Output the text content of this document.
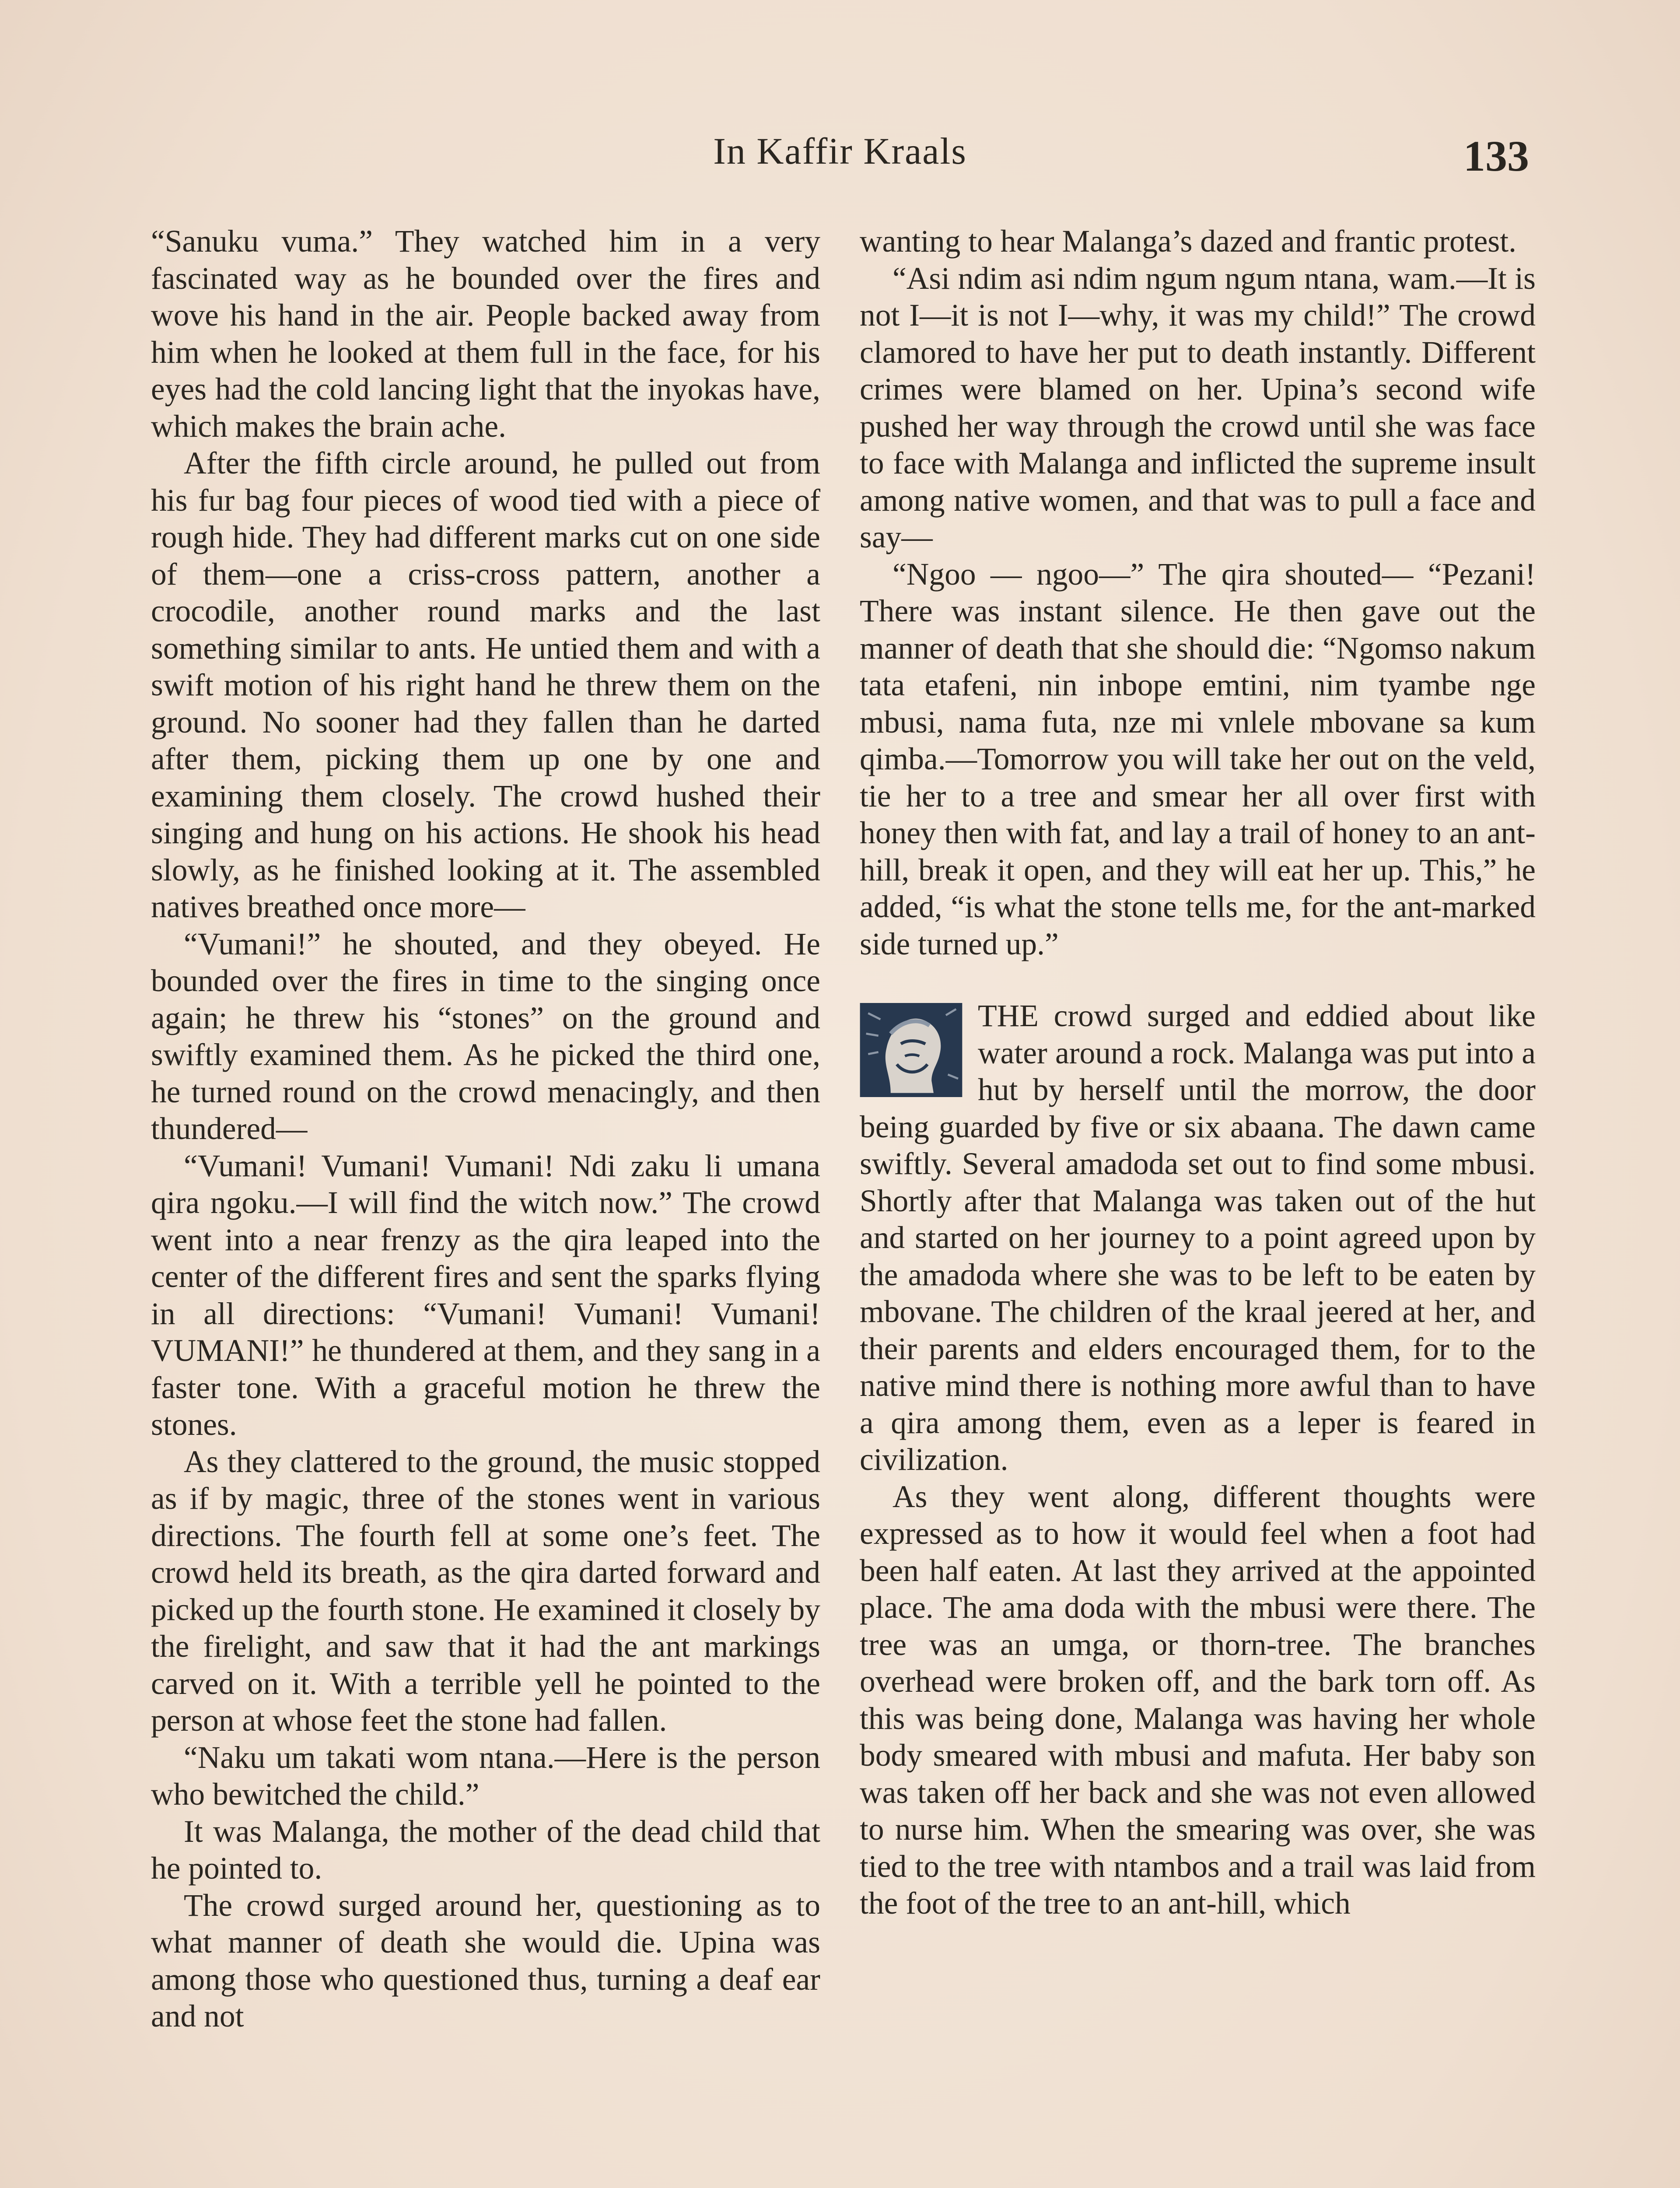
In Kaffir Kraals	133

“Sanuku vuma.” They watched him in a very fascinated way as he bounded over the fires and wove his hand in the air. People backed away from him when he looked at them full in the face, for his eyes had the cold lancing light that the inyokas have, which makes the brain ache.

After the fifth circle around, he pulled out from his fur bag four pieces of wood tied with a piece of rough hide. They had different marks cut on one side of them—one a criss-cross pattern, another a crocodile, another round marks and the last something similar to ants. He untied them and with a swift motion of his right hand he threw them on the ground. No sooner had they fallen than he darted after them, picking them up one by one and examining them closely. The crowd hushed their singing and hung on his actions. He shook his head slowly, as he finished looking at it. The assembled natives breathed once more—

“Vumani!” he shouted, and they obeyed. He bounded over the fires in time to the singing once again; he threw his “stones” on the ground and swiftly examined them. As he picked the third one, he turned round on the crowd menacingly, and then thundered—

“Vumani! Vumani! Vumani! Ndi zaku li umana qira ngoku.—I will find the witch now.” The crowd went into a near frenzy as the qira leaped into the center of the different fires and sent the sparks flying in all directions: “Vumani! Vumani! Vumani! VUMANI!” he thundered at them, and they sang in a faster tone. With a graceful motion he threw the stones.

As they clattered to the ground, the music stopped as if by magic, three of the stones went in various directions. The fourth fell at some one’s feet. The crowd held its breath, as the qira darted forward and picked up the fourth stone. He examined it closely by the firelight, and saw that it had the ant markings carved on it. With a terrible yell he pointed to the person at whose feet the stone had fallen.

“Naku um takati wom ntana.—Here is the person who bewitched the child.”

It was Malanga, the mother of the dead child that he pointed to.

The crowd surged around her, questioning as to what manner of death she would die. Upina was among those who questioned thus, turning a deaf ear and not

wanting to hear Malanga’s dazed and frantic protest.

“Asi ndim asi ndim ngum ngum ntana, wam.—It is not I—it is not I—why, it was my child!” The crowd clamored to have her put to death instantly. Different crimes were blamed on her. Upina’s second wife pushed her way through the crowd until she was face to face with Malanga and inflicted the supreme insult among native women, and that was to pull a face and say—

“Ngoo — ngoo—” The qira shouted— “Pezani! There was instant silence. He then gave out the manner of death that she should die: “Ngomso nakum tata etafeni, nin inbope emtini, nim tyambe nge mbusi, nama futa, nze mi vnlele mbovane sa kum qimba.—Tomorrow you will take her out on the veld, tie her to a tree and smear her all over first with honey then with fat, and lay a trail of honey to an ant-hill, break it open, and they will eat her up. This,” he added, “is what the stone tells me, for the ant-marked side turned up.”

THE crowd surged and eddied about like water around a rock. Malanga was put into a hut by herself until the morrow, the door being guarded by five or six abaana. The dawn came swiftly. Several amadoda set out to find some mbusi. Shortly after that Malanga was taken out of the hut and started on her journey to a point agreed upon by the amadoda where she was to be left to be eaten by mbovane. The children of the kraal jeered at her, and their parents and elders encouraged them, for to the native mind there is nothing more awful than to have a qira among them, even as a leper is feared in civilization.

As they went along, different thoughts were expressed as to how it would feel when a foot had been half eaten. At last they arrived at the appointed place. The ama doda with the mbusi were there. The tree was an umga, or thorn-tree. The branches overhead were broken off, and the bark torn off. As this was being done, Malanga was having her whole body smeared with mbusi and mafuta. Her baby son was taken off her back and she was not even allowed to nurse him. When the smearing was over, she was tied to the tree with ntambos and a trail was laid from the foot of the tree to an ant-hill, which
